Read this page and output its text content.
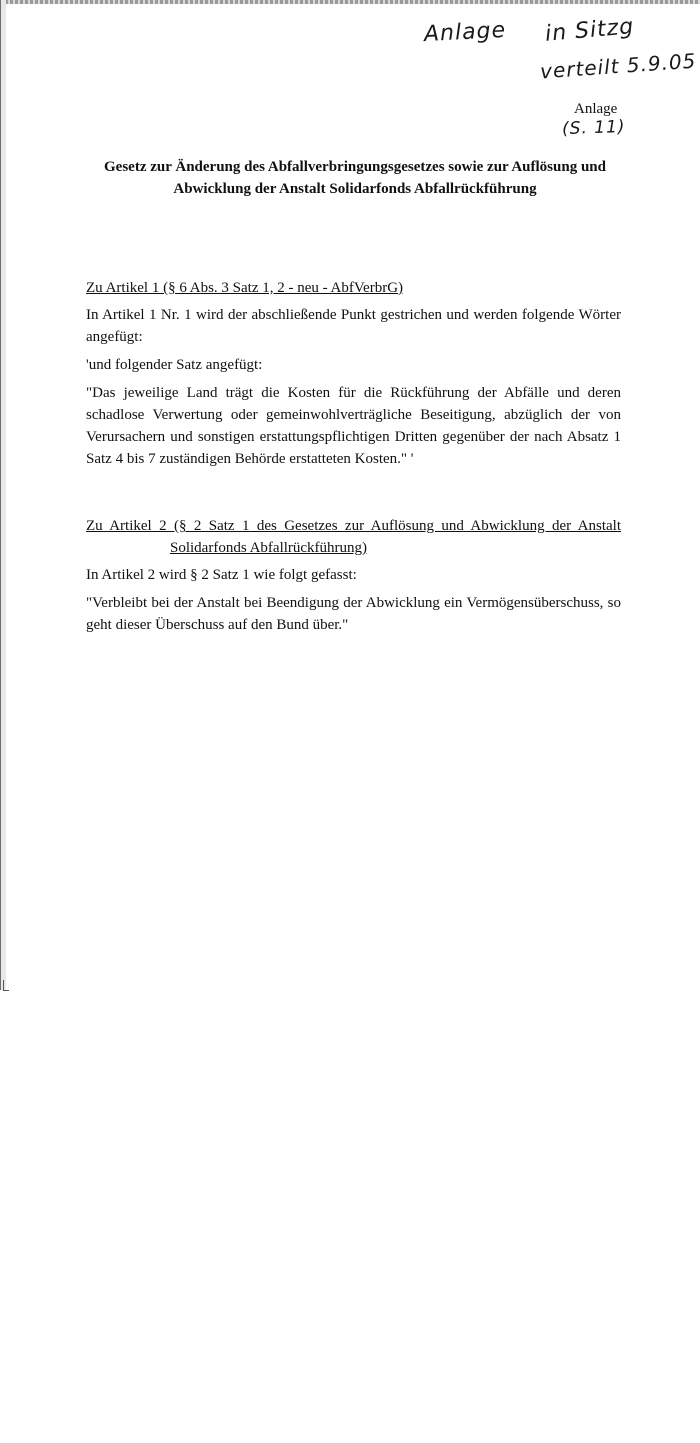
Anlage in Sitzg

verteilt 5.9.05

(S. 11)

Anlage

Gesetz zur Änderung des Abfallverbringungsgesetzes sowie zur Auflösung und
Abwicklung der Anstalt Solidarfonds Abfallrückführung

Zu Artikel 1 (§ 6 Abs. 3 Satz 1, 2 - neu - AbfVerbrG)

In Artikel 1 Nr. 1 wird der abschließende Punkt gestrichen und werden folgende Wörter angefügt:

'und folgender Satz angefügt:

"Das jeweilige Land trägt die Kosten für die Rückführung der Abfälle und deren schadlose Verwertung oder gemeinwohlverträgliche Beseitigung, abzüglich der von Verursachern und sonstigen erstattungspflichtigen Dritten gegenüber der nach Absatz 1 Satz 4 bis 7 zuständigen Behörde erstatteten Kosten." '

Zu Artikel 2 (§ 2 Satz 1 des Gesetzes zur Auflösung und Abwicklung der Anstalt

Solidarfonds Abfallrückführung)

In Artikel 2 wird § 2 Satz 1 wie folgt gefasst:

"Verbleibt bei der Anstalt bei Beendigung der Abwicklung ein Vermögensüberschuss, so geht dieser Überschuss auf den Bund über."
